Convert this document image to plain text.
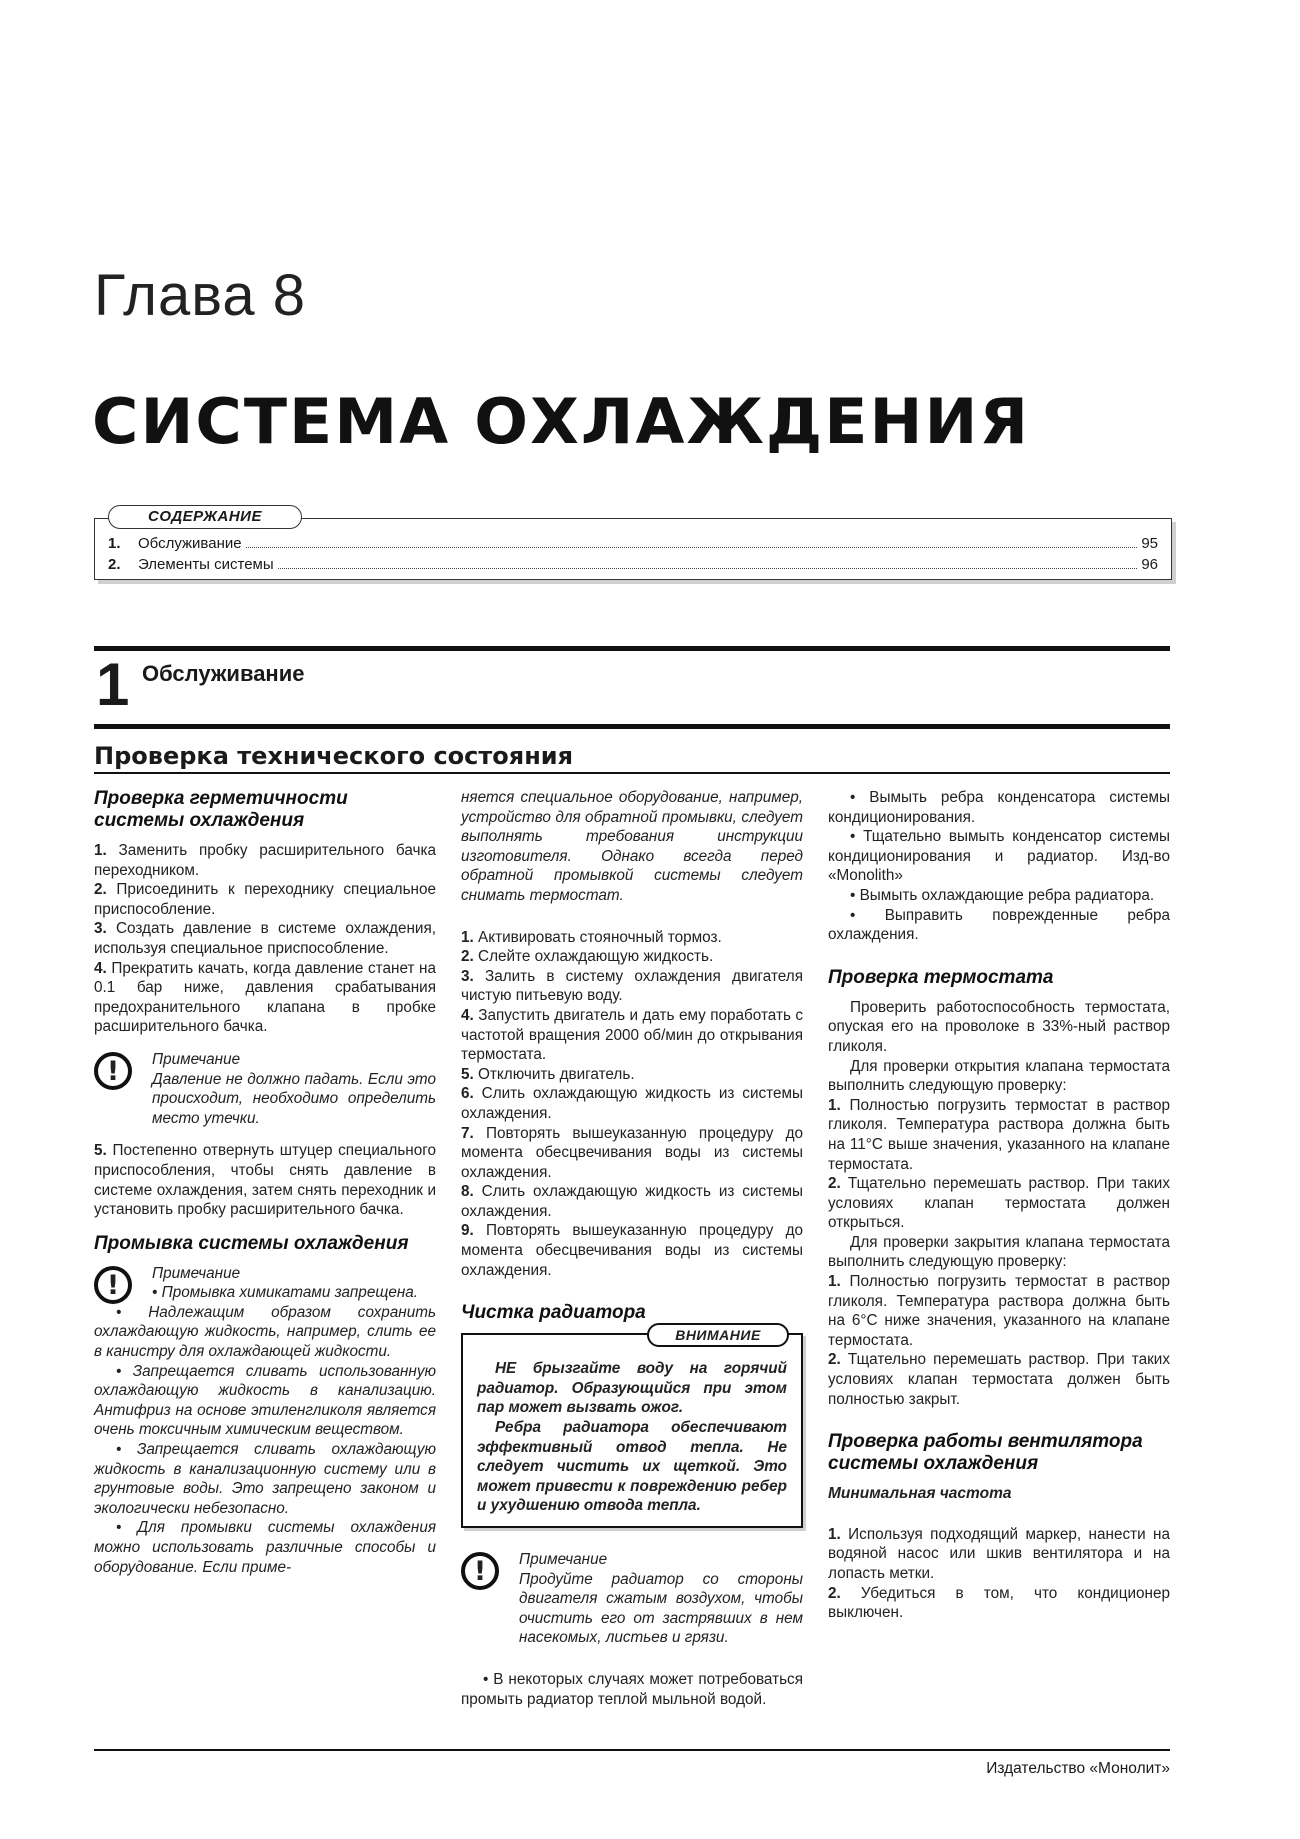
Глава 8
СИСТЕМА ОХЛАЖДЕНИЯ
СОДЕРЖАНИЕ
1.	Обслуживание	95
2.	Элементы системы	96
1 Обслуживание
Проверка технического состояния
Проверка герметичности системы охлаждения

1. Заменить пробку расширительного бачка переходником.

2. Присоединить к переходнику специальное приспособление.

3. Создать давление в системе охлаждения, используя специальное приспособление.

4. Прекратить качать, когда давление станет на 0.1 бар ниже, давления срабатывания предохранительного клапана в пробке расширительного бачка.

!	Примечание

Давление не должно падать. Если это происходит, необходимо определить место утечки.

5. Постепенно отвернуть штуцер специального приспособления, чтобы снять давление в системе охлаждения, затем снять переходник и установить пробку расширительного бачка.

Промывка системы охлаждения
!	Примечание

• Промывка химикатами запрещена.

• Надлежащим образом сохранить охлаждающую жидкость, например, слить ее в канистру для охлаждающей жидкости.

• Запрещается сливать использованную охлаждающую жидкость в канализацию. Антифриз на основе этиленгликоля является очень токсичным химическим веществом.

• Запрещается сливать охлаждающую жидкость в канализационную систему или в грунтовые воды. Это запрещено законом и экологически небезопасно.

• Для промывки системы охлаждения можно использовать различные способы и оборудование. Если приме-

няется специальное оборудование, например, устройство для обратной промывки, следует выполнять требования инструкции изготовителя. Однако всегда перед обратной промывкой системы следует снимать термостат.

1. Активировать стояночный тормоз.

2. Слейте охлаждающую жидкость.

3. Залить в систему охлаждения двигателя чистую питьевую воду.

4. Запустить двигатель и дать ему поработать с частотой вращения 2000 об/мин до открывания термостата.

5. Отключить двигатель.

6. Слить охлаждающую жидкость из системы охлаждения.

7. Повторять вышеуказанную процедуру до момента обесцвечивания воды из системы охлаждения.

8. Слить охлаждающую жидкость из системы охлаждения.

9. Повторять вышеуказанную процедуру до момента обесцвечивания воды из системы охлаждения.

Чистка радиатора
ВНИМАНИЕ

НЕ брызгайте воду на горячий радиатор. Образующийся при этом пар может вызвать ожог.

Ребра радиатора обеспечивают эффективный отвод тепла. Не следует чистить их щеткой. Это может привести к повреждению ребер и ухудшению отвода тепла.

!	Примечание

Продуйте радиатор со стороны двигателя сжатым воздухом, чтобы очистить его от застрявших в нем насекомых, листьев и грязи.

• В некоторых случаях может потребоваться промыть радиатор теплой мыльной водой.

• Вымыть ребра конденсатора системы кондиционирования.

• Тщательно вымыть конденсатор системы кондиционирования и радиатор. Изд-во «Monolith»

• Вымыть охлаждающие ребра радиатора.

• Выправить поврежденные ребра охлаждения.

Проверка термостата

Проверить работоспособность термостата, опуская его на проволоке в 33%-ный раствор гликоля.

Для проверки открытия клапана термостата выполнить следующую проверку:

1. Полностью погрузить термостат в раствор гликоля. Температура раствора должна быть на 11°С выше значения, указанного на клапане термостата.

2. Тщательно перемешать раствор. При таких условиях клапан термостата должен открыться.

Для проверки закрытия клапана термостата выполнить следующую проверку:

1. Полностью погрузить термостат в раствор гликоля. Температура раствора должна быть на 6°С ниже значения, указанного на клапане термостата.

2. Тщательно перемешать раствор. При таких условиях клапан термостата должен быть полностью закрыт.

Проверка работы вентилятора системы охлаждения
Минимальная частота

1. Используя подходящий маркер, нанести на водяной насос или шкив вентилятора и на лопасть метки.

2. Убедиться в том, что кондиционер выключен.

Издательство «Монолит»
